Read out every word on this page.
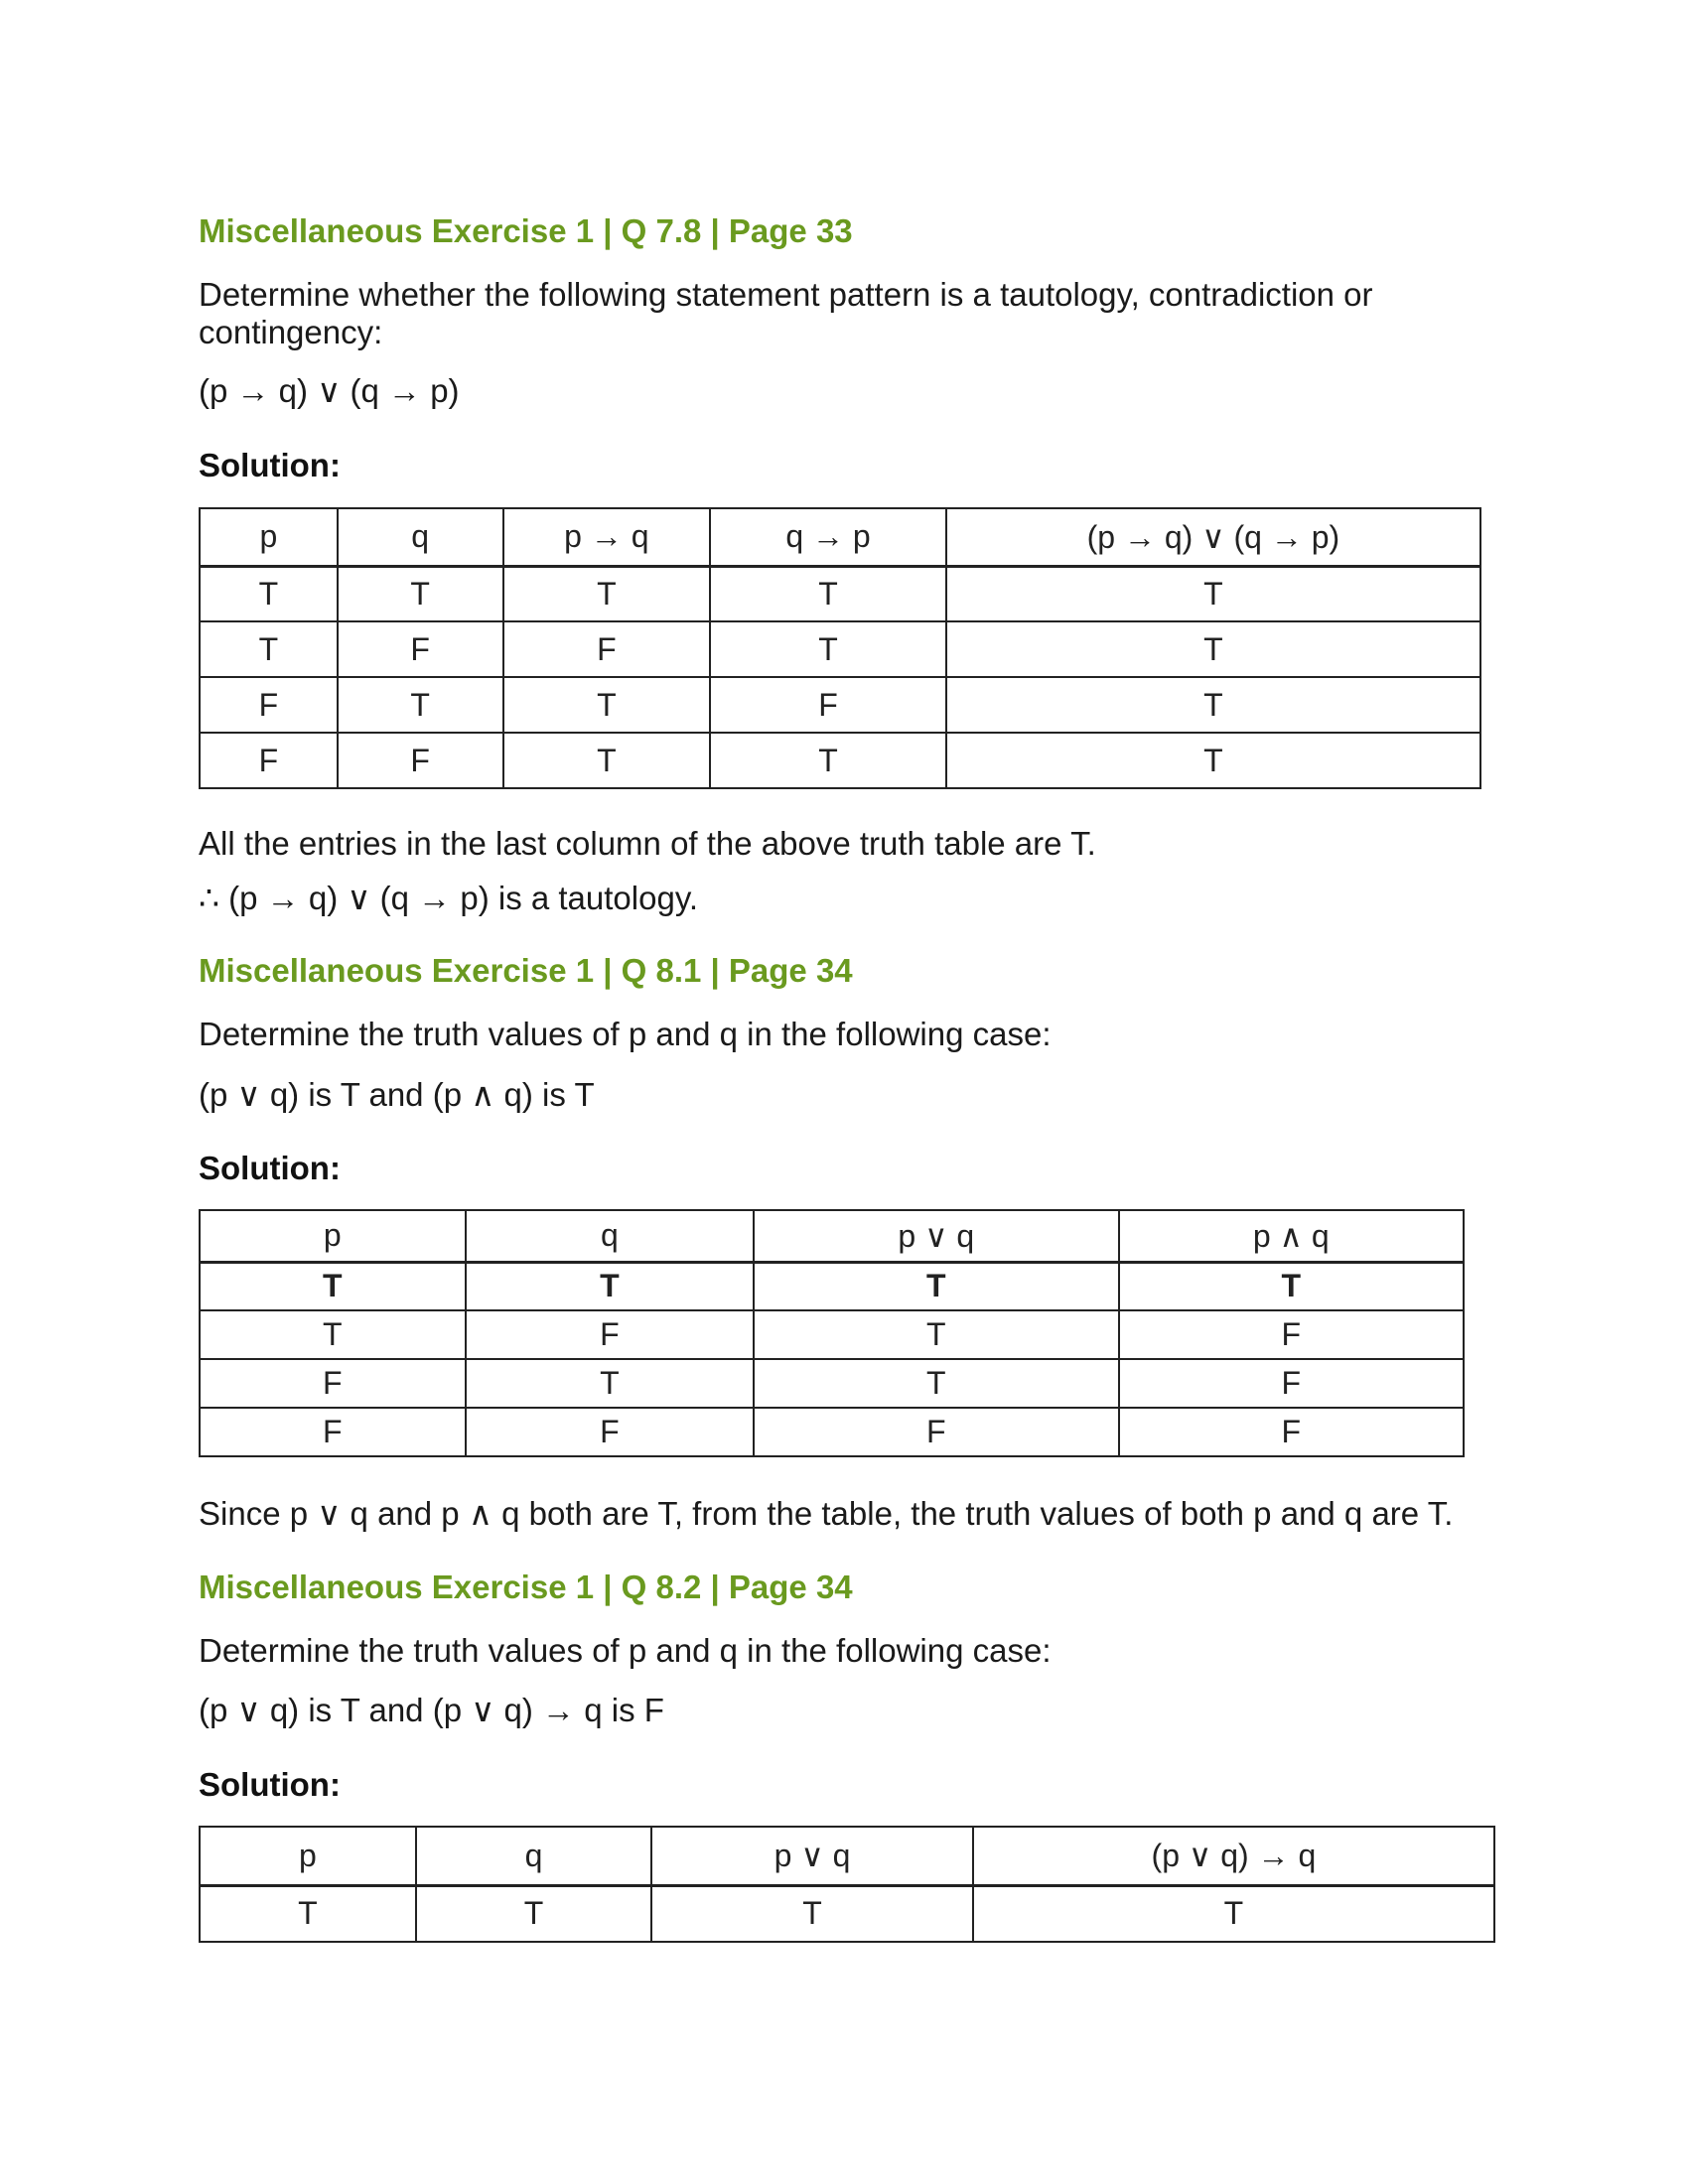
Miscellaneous Exercise 1 | Q 7.8 | Page 33
Determine whether the following statement pattern is a tautology, contradiction or
contingency:
(p → q) ∨ (q → p)
Solution:
p	q	p → q	q → p	(p → q) ∨ (q → p)
T	T	T	T	T
T	F	F	T	T
F	T	T	F	T
F	F	T	T	T
All the entries in the last column of the above truth table are T.
∴ (p → q) ∨ (q → p) is a tautology.
Miscellaneous Exercise 1 | Q 8.1 | Page 34
Determine the truth values of p and q in the following case:
(p ∨ q) is T and (p ∧ q) is T
Solution:
p	q	p ∨ q	p ∧ q
T	T	T	T
T	F	T	F
F	T	T	F
F	F	F	F
Since p ∨ q and p ∧ q both are T, from the table, the truth values of both p and q are T.
Miscellaneous Exercise 1 | Q 8.2 | Page 34
Determine the truth values of p and q in the following case:
(p ∨ q) is T and (p ∨ q) → q is F
Solution:
p	q	p ∨ q	(p ∨ q) → q
T	T	T	T
